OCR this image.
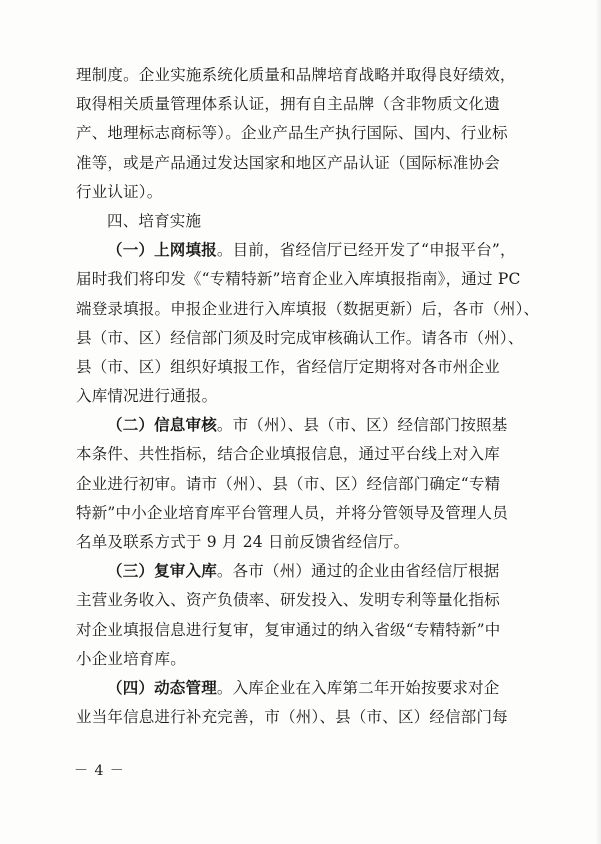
理制度。企业实施系统化质量和品牌培育战略并取得良好绩效，
取得相关质量管理体系认证，拥有自主品牌（含非物质文化遗
产、地理标志商标等）。企业产品生产执行国际、国内、行业标
准等，或是产品通过发达国家和地区产品认证（国际标准协会
行业认证）。
四、培育实施
（一）上网填报。目前，省经信厅已经开发了“申报平台”，
届时我们将印发《“专精特新”培育企业入库填报指南》，通过 PC
端登录填报。申报企业进行入库填报（数据更新）后，各市（州）、
县（市、区）经信部门须及时完成审核确认工作。请各市（州）、
县（市、区）组织好填报工作，省经信厅定期将对各市州企业
入库情况进行通报。
（二）信息审核。市（州）、县（市、区）经信部门按照基
本条件、共性指标，结合企业填报信息，通过平台线上对入库
企业进行初审。请市（州）、县（市、区）经信部门确定“专精
特新”中小企业培育库平台管理人员，并将分管领导及管理人员
名单及联系方式于 9 月 24 日前反馈省经信厅。
（三）复审入库。各市（州）通过的企业由省经信厅根据
主营业务收入、资产负债率、研发投入、发明专利等量化指标
对企业填报信息进行复审，复审通过的纳入省级“专精特新”中
小企业培育库。
（四）动态管理。入库企业在入库第二年开始按要求对企
业当年信息进行补充完善，市（州）、县（市、区）经信部门每
－ 4 －
